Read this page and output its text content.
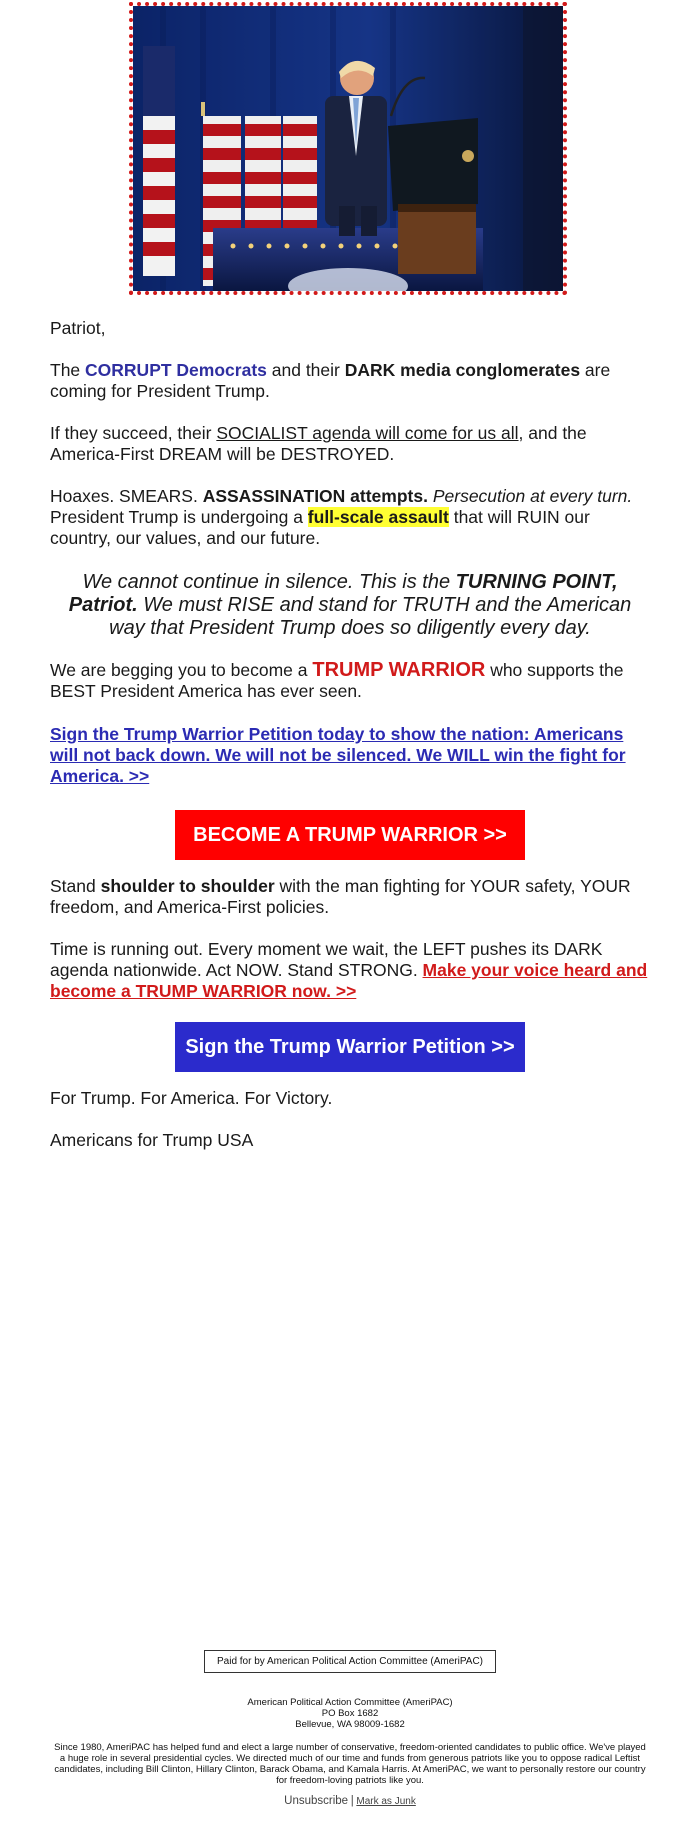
Patriot,

The CORRUPT Democrats and their DARK media conglomerates are coming for President Trump.

If they succeed, their SOCIALIST agenda will come for us all, and the America-First DREAM will be DESTROYED.

Hoaxes. SMEARS. ASSASSINATION attempts. Persecution at every turn. President Trump is undergoing a full-scale assault that will RUIN our country, our values, and our future.

We cannot continue in silence. This is the TURNING POINT, Patriot. We must RISE and stand for TRUTH and the American way that President Trump does so diligently every day.

We are begging you to become a TRUMP WARRIOR who supports the BEST President America has ever seen.

Sign the Trump Warrior Petition today to show the nation: Americans will not back down. We will not be silenced. We WILL win the fight for America. >>

BECOME A TRUMP WARRIOR >>

Stand shoulder to shoulder with the man fighting for YOUR safety, YOUR freedom, and America-First policies.

Time is running out. Every moment we wait, the LEFT pushes its DARK agenda nationwide. Act NOW. Stand STRONG. Make your voice heard and become a TRUMP WARRIOR now. >>

Sign the Trump Warrior Petition >>

For Trump. For America. For Victory.

Americans for Trump USA

Paid for by American Political Action Committee (AmeriPAC)
American Political Action Committee (AmeriPAC)
PO Box 1682
Bellevue, WA 98009-1682
Since 1980, AmeriPAC has helped fund and elect a large number of conservative, freedom-oriented candidates to public office. We've played a huge role in several presidential cycles. We directed much of our time and funds from generous patriots like you to oppose radical Leftist candidates, including Bill Clinton, Hillary Clinton, Barack Obama, and Kamala Harris. At AmeriPAC, we want to personally restore our country for freedom-loving patriots like you.
Unsubscribe | Mark as Junk
